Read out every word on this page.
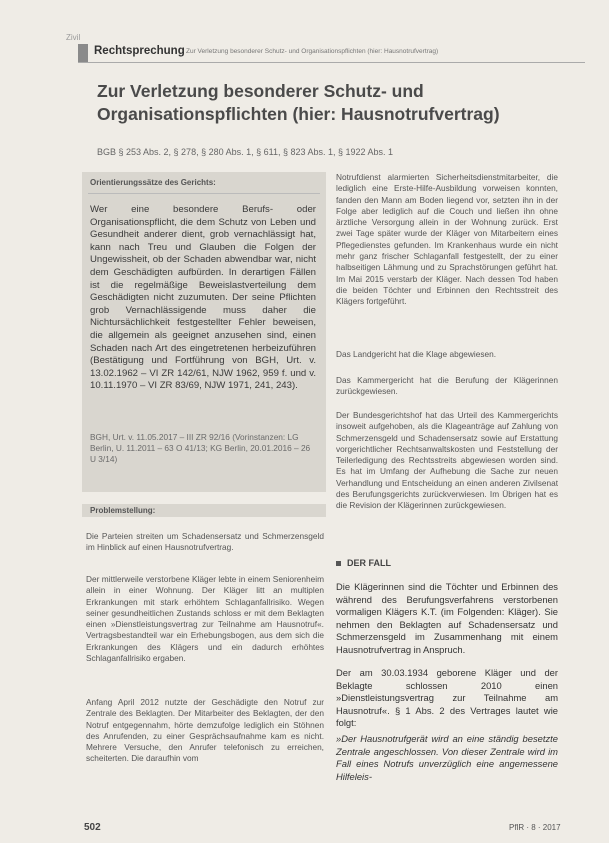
Zivil
Rechtsprechung Zur Verletzung besonderer Schutz- und Organisationspflichten (hier: Hausnotrufvertrag)
Zur Verletzung besonderer Schutz- und Organisationspflichten (hier: Hausnotrufvertrag)
BGB § 253 Abs. 2, § 278, § 280 Abs. 1, § 611, § 823 Abs. 1, § 1922 Abs. 1
Orientierungssätze des Gerichts:
Wer eine besondere Berufs- oder Organisationspflicht, die dem Schutz von Leben und Gesundheit anderer dient, grob vernachlässigt hat, kann nach Treu und Glauben die Folgen der Ungewissheit, ob der Schaden abwendbar war, nicht dem Geschädigten aufbürden. In derartigen Fällen ist die regelmäßige Beweislastverteilung dem Geschädigten nicht zuzumuten. Der seine Pflichten grob Vernachlässigende muss daher die Nichtursächlichkeit festgestellter Fehler beweisen, die allgemein als geeignet anzusehen sind, einen Schaden nach Art des eingetretenen herbeizuführen (Bestätigung und Fortführung von BGH, Urt. v. 13.02.1962 – VI ZR 142/61, NJW 1962, 959 f. und v. 10.11.1970 – VI ZR 83/69, NJW 1971, 241, 243).
BGH, Urt. v. 11.05.2017 – III ZR 92/16 (Vorinstanzen: LG Berlin, U. 11.2011 – 63 O 41/13; KG Berlin, 20.01.2016 – 26 U 3/14)
Problemstellung:
Die Parteien streiten um Schadensersatz und Schmerzensgeld im Hinblick auf einen Hausnotrufvertrag.
Der mittlerweile verstorbene Kläger lebte in einem Seniorenheim allein in einer Wohnung. Der Kläger litt an multiplen Erkrankungen mit stark erhöhtem Schlaganfallrisiko. Wegen seiner gesundheitlichen Zustands schloss er mit dem Beklagten einen »Dienstleistungsvertrag zur Teilnahme am Hausnotruf«. Vertragsbestandteil war ein Erhebungsbogen, aus dem sich die Erkrankungen des Klägers und ein dadurch erhöhtes Schlaganfallrisiko ergaben.
Anfang April 2012 nutzte der Geschädigte den Notruf zur Zentrale des Beklagten. Der Mitarbeiter des Beklagten, der den Notruf entgegennahm, hörte demzufolge lediglich ein Stöhnen des Anrufenden, zu einer Gesprächsaufnahme kam es nicht. Mehrere Versuche, den Anrufer telefonisch zu erreichen, scheiterten. Die daraufhin vom
Notrufdienst alarmierten Sicherheitsdienstmitarbeiter, die lediglich eine Erste-Hilfe-Ausbildung vorweisen konnten, fanden den Mann am Boden liegend vor, setzten ihn in der Folge aber lediglich auf die Couch und ließen ihn ohne ärztliche Versorgung allein in der Wohnung zurück. Erst zwei Tage später wurde der Kläger von Mitarbeitern eines Pflegedienstes gefunden. Im Krankenhaus wurde ein nicht mehr ganz frischer Schlaganfall festgestellt, der zu einer halbseitigen Lähmung und zu Sprachstörungen geführt hat. Im Mai 2015 verstarb der Kläger. Nach dessen Tod haben die beiden Töchter und Erbinnen den Rechtsstreit des Klägers fortgeführt.
Das Landgericht hat die Klage abgewiesen.
Das Kammergericht hat die Berufung der Klägerinnen zurückgewiesen.
Der Bundesgerichtshof hat das Urteil des Kammergerichts insoweit aufgehoben, als die Klageanträge auf Zahlung von Schmerzensgeld und Schadensersatz sowie auf Erstattung vorgerichtlicher Rechtsanwaltskosten und Feststellung der Teilerledigung des Rechtsstreits abgewiesen worden sind. Es hat im Umfang der Aufhebung die Sache zur neuen Verhandlung und Entscheidung an einen anderen Zivilsenat des Berufungsgerichts zurückverwiesen. Im Übrigen hat es die Revision der Klägerinnen zurückgewiesen.
DER FALL
Die Klägerinnen sind die Töchter und Erbinnen des während des Berufungsverfahrens verstorbenen vormaligen Klägers K.T. (im Folgenden: Kläger). Sie nehmen den Beklagten auf Schadensersatz und Schmerzensgeld im Zusammenhang mit einem Hausnotrufvertrag in Anspruch.
Der am 30.03.1934 geborene Kläger und der Beklagte schlossen 2010 einen »Dienstleistungsvertrag zur Teilnahme am Hausnotruf«. § 1 Abs. 2 des Vertrages lautet wie folgt:
»Der Hausnotrufgerät wird an eine ständig besetzte Zentrale angeschlossen. Von dieser Zentrale wird im Fall eines Notrufs unverzüglich eine angemessene Hilfeleis-
502	PflR · 8 · 2017
